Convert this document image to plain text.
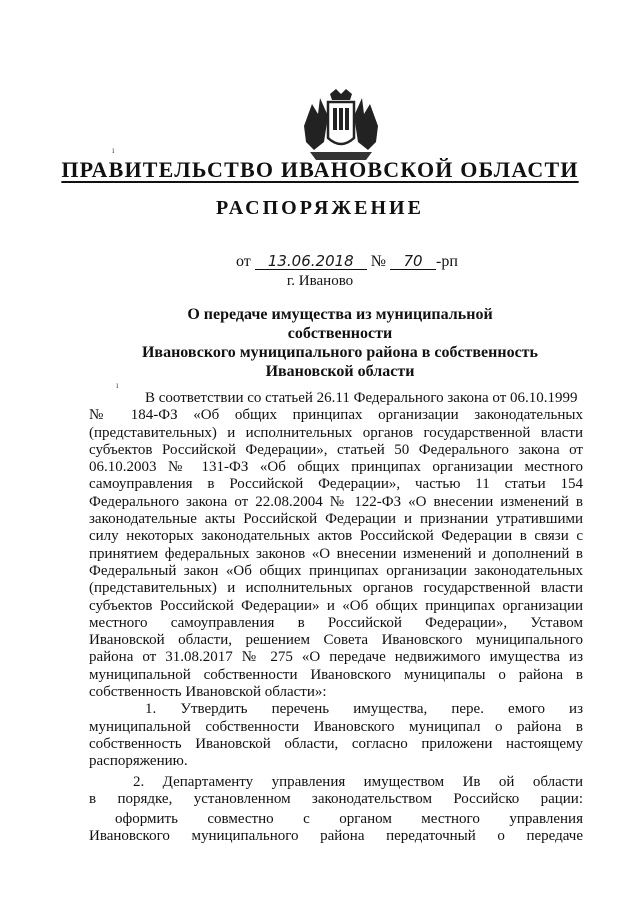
ı
ı
ПРАВИТЕЛЬСТВО ИВАНОВСКОЙ ОБЛАСТИ
РАСПОРЯЖЕНИЕ
от 13.06.2018 № 70 -рп
г. Иваново
О передаче имущества из муниципальной собственности
Ивановского муниципального района в собственность
Ивановской области
В соответствии со статьей 26.11 Федерального закона от 06.10.1999
№ 184-ФЗ «Об общих принципах организации законодательных
(представительных) и исполнительных органов государственной власти
субъектов Российской Федерации», статьей 50 Федерального закона от
06.10.2003 № 131-ФЗ «Об общих принципах организации местного
самоуправления в Российской Федерации», частью 11 статьи 154
Федерального закона от 22.08.2004 № 122-ФЗ «О внесении изменений в
законодательные акты Российской Федерации и признании утратившими
силу некоторых законодательных актов Российской Федерации в связи с
принятием федеральных законов «О внесении изменений и дополнений в
Федеральный закон «Об общих принципах организации законодательных
(представительных) и исполнительных органов государственной власти
субъектов Российской Федерации» и «Об общих принципах организации
местного самоуправления в Российской Федерации», Уставом
Ивановской области, решением Совета Ивановского муниципального
района от 31.08.2017 № 275 «О передаче недвижимого имущества из
муниципальной собственности Ивановского муниципалы о района в
собственность Ивановской области»:
1. Утвердить перечень имущества, пере. емого из
муниципальной собственности Ивановского муниципал о района в
собственность Ивановской области, согласно приложени настоящему
распоряжению.
2. Департаменту управления имуществом Ив ой области
в порядке, установленном законодательством Российско рации:
оформить совместно с органом местного управления
Ивановского муниципального района передаточный о передаче
